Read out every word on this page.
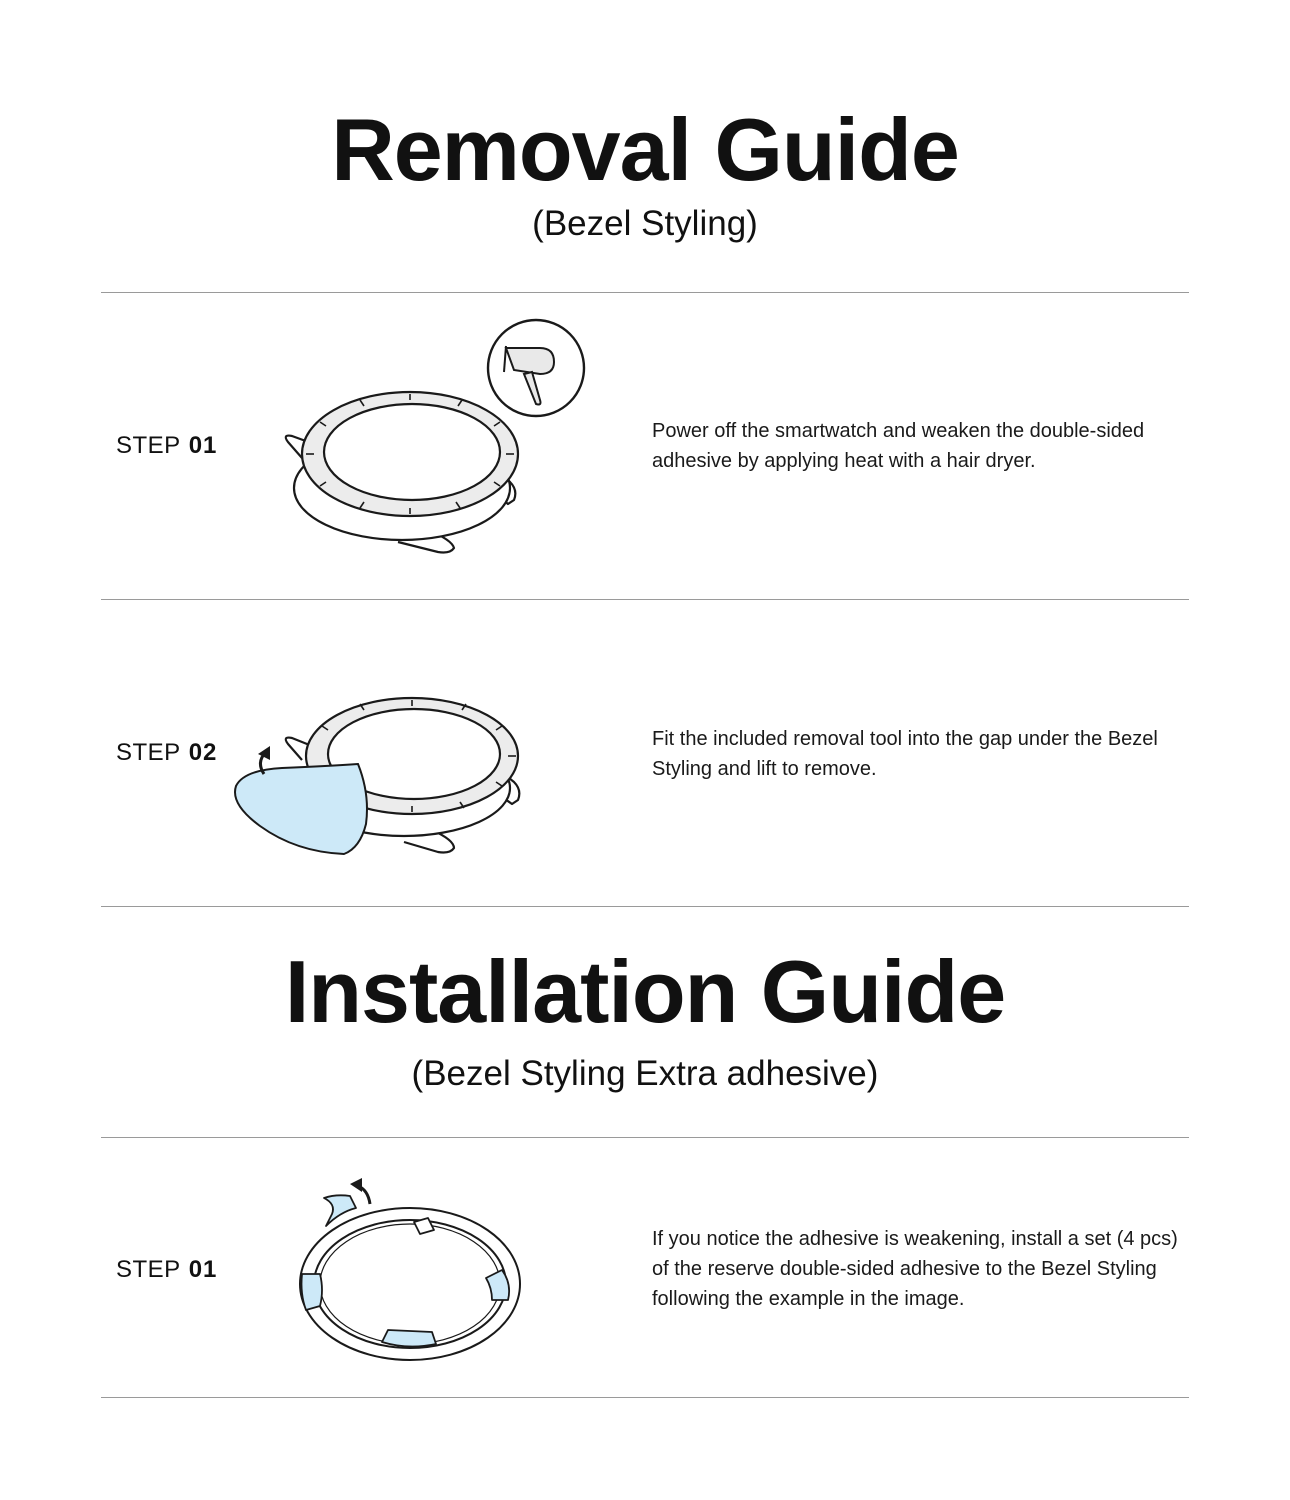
Removal Guide

(Bezel Styling)

STEP 01

Power off the smartwatch and weaken the double-sided adhesive by applying heat with a hair dryer.

STEP 02	Fit the included removal tool into the gap under the Bezel Styling and lift to remove.

Installation Guide

(Bezel Styling Extra adhesive)

STEP 01

If you notice the adhesive is weakening, install a set (4 pcs) of the reserve double-sided adhesive to the Bezel Styling following the example in the image.
